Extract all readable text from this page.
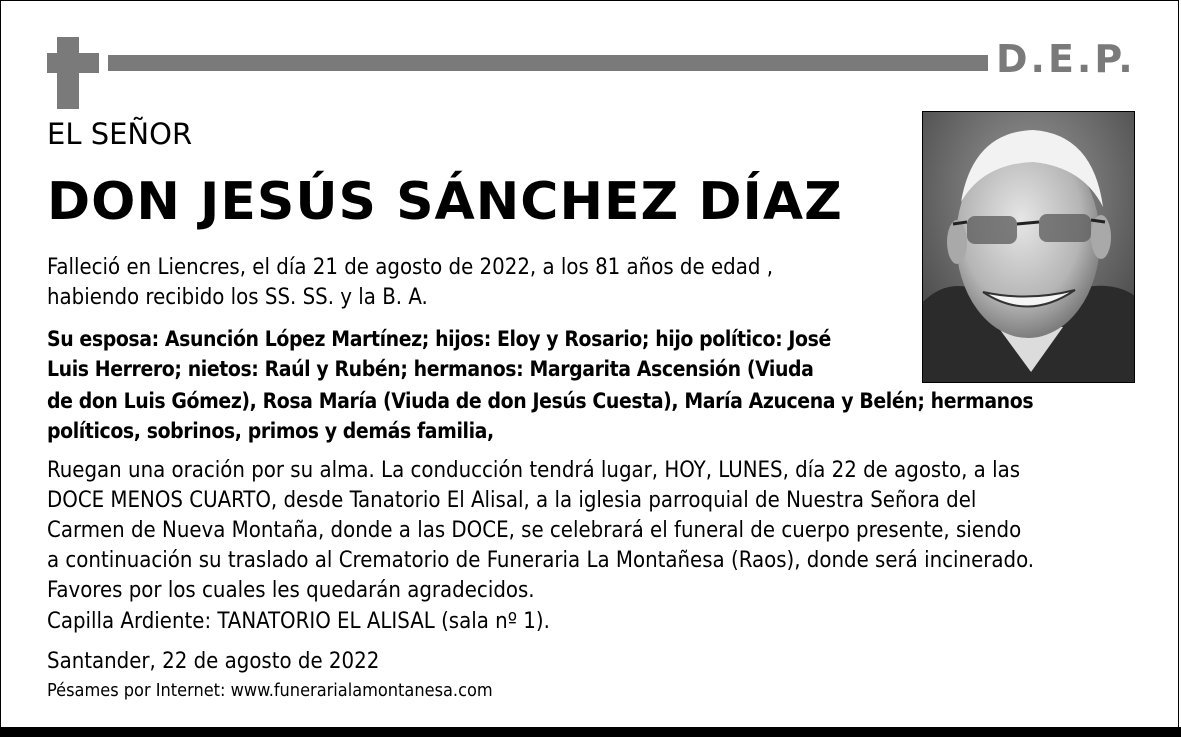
D.E.P.
EL SEÑOR
DON JESÚS SÁNCHEZ DÍAZ
Falleció en Liencres, el día 21 de agosto de 2022, a los 81 años de edad ,
habiendo recibido los SS. SS. y la B. A.
Su esposa: Asunción López Martínez; hijos: Eloy y Rosario; hijo político: José
Luis Herrero; nietos: Raúl y Rubén; hermanos: Margarita Ascensión (Viuda
de don Luis Gómez), Rosa María (Viuda de don Jesús Cuesta), María Azucena y Belén; hermanos
políticos, sobrinos, primos y demás familia,
Ruegan una oración por su alma. La conducción tendrá lugar, HOY, LUNES, día 22 de agosto, a las
DOCE MENOS CUARTO, desde Tanatorio El Alisal, a la iglesia parroquial de Nuestra Señora del
Carmen de Nueva Montaña, donde a las DOCE, se celebrará el funeral de cuerpo presente, siendo
a continuación su traslado al Crematorio de Funeraria La Montañesa (Raos), donde será incinerado.
Favores por los cuales les quedarán agradecidos.
Capilla Ardiente: TANATORIO EL ALISAL (sala nº 1).
Santander, 22 de agosto de 2022
Pésames por Internet: www.funerarialamontanesa.com
